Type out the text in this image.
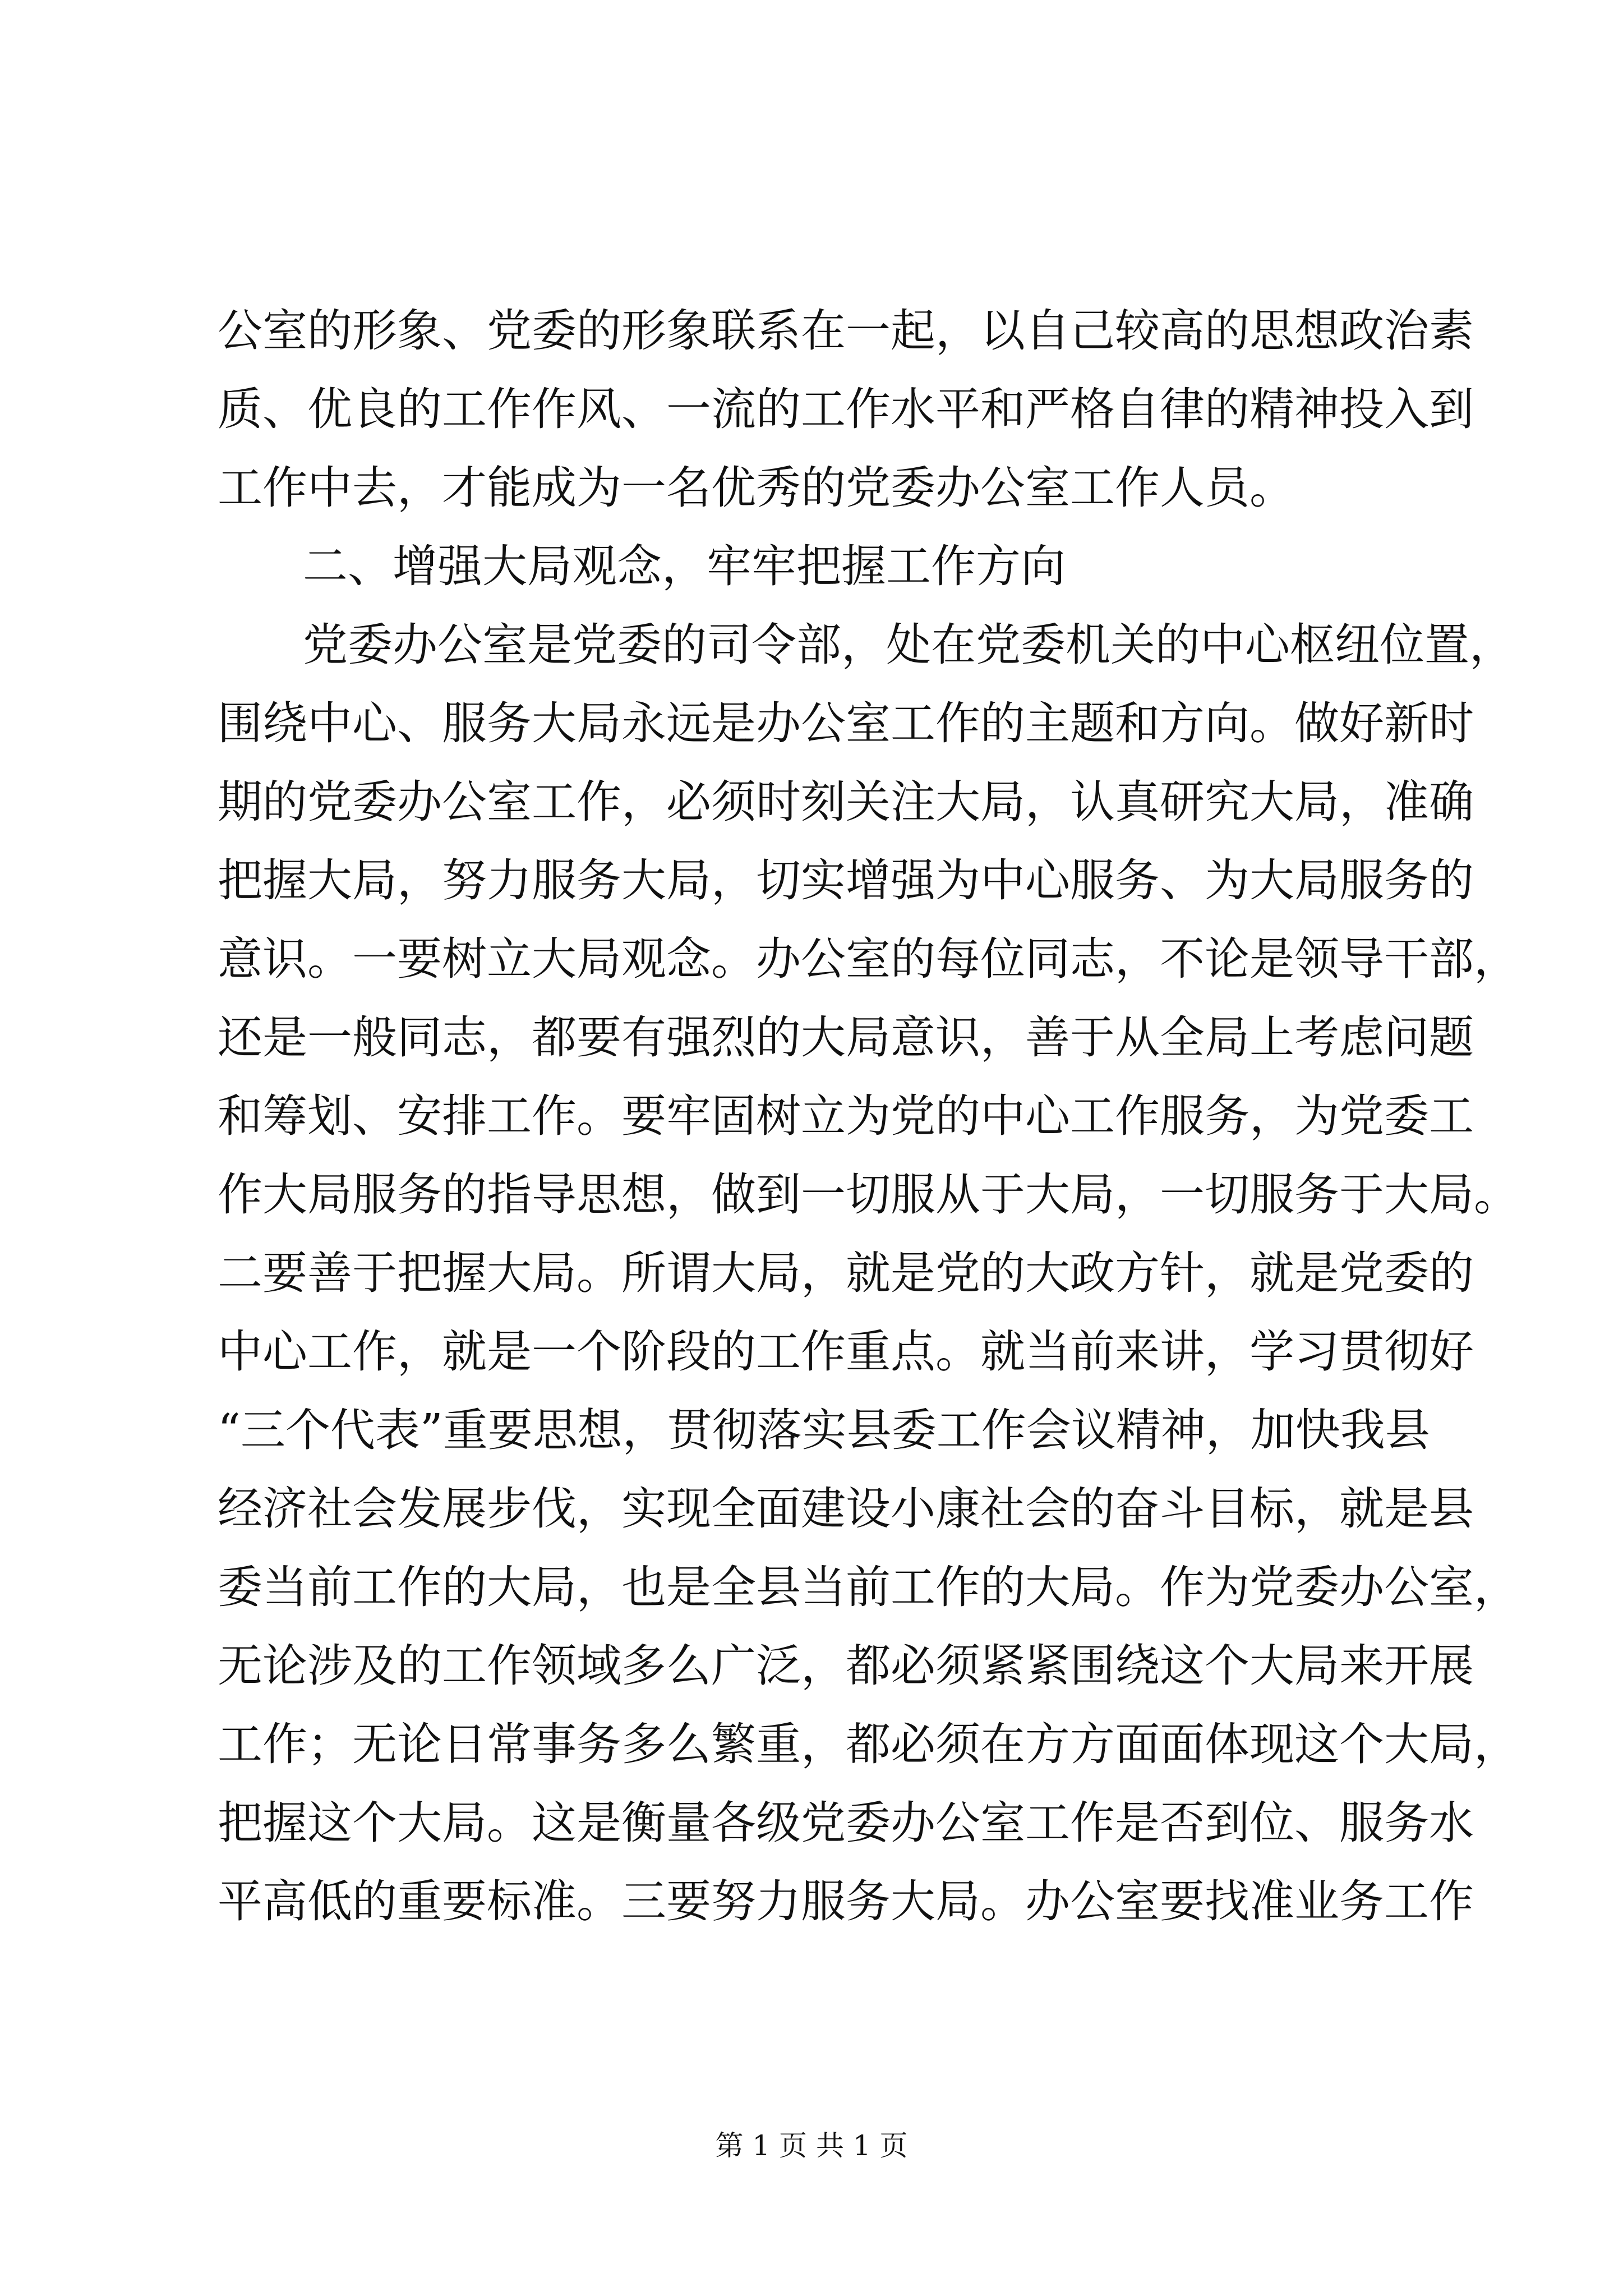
公室的形象、党委的形象联系在一起，以自己较高的思想政治素
质、优良的工作作风、一流的工作水平和严格自律的精神投入到
工作中去，才能成为一名优秀的党委办公室工作人员。
二、增强大局观念，牢牢把握工作方向
党委办公室是党委的司令部，处在党委机关的中心枢纽位置，
围绕中心、服务大局永远是办公室工作的主题和方向。做好新时
期的党委办公室工作，必须时刻关注大局，认真研究大局，准确
把握大局，努力服务大局，切实增强为中心服务、为大局服务的
意识。一要树立大局观念。办公室的每位同志，不论是领导干部，
还是一般同志，都要有强烈的大局意识，善于从全局上考虑问题
和筹划、安排工作。要牢固树立为党的中心工作服务，为党委工
作大局服务的指导思想，做到一切服从于大局，一切服务于大局。
二要善于把握大局。所谓大局，就是党的大政方针，就是党委的
中心工作，就是一个阶段的工作重点。就当前来讲，学习贯彻好
“三个代表”重要思想，贯彻落实县委工作会议精神，加快我县
经济社会发展步伐，实现全面建设小康社会的奋斗目标，就是县
委当前工作的大局，也是全县当前工作的大局。作为党委办公室，
无论涉及的工作领域多么广泛，都必须紧紧围绕这个大局来开展
工作；无论日常事务多么繁重，都必须在方方面面体现这个大局，
把握这个大局。这是衡量各级党委办公室工作是否到位、服务水
平高低的重要标准。三要努力服务大局。办公室要找准业务工作
第 1 页 共 1 页
